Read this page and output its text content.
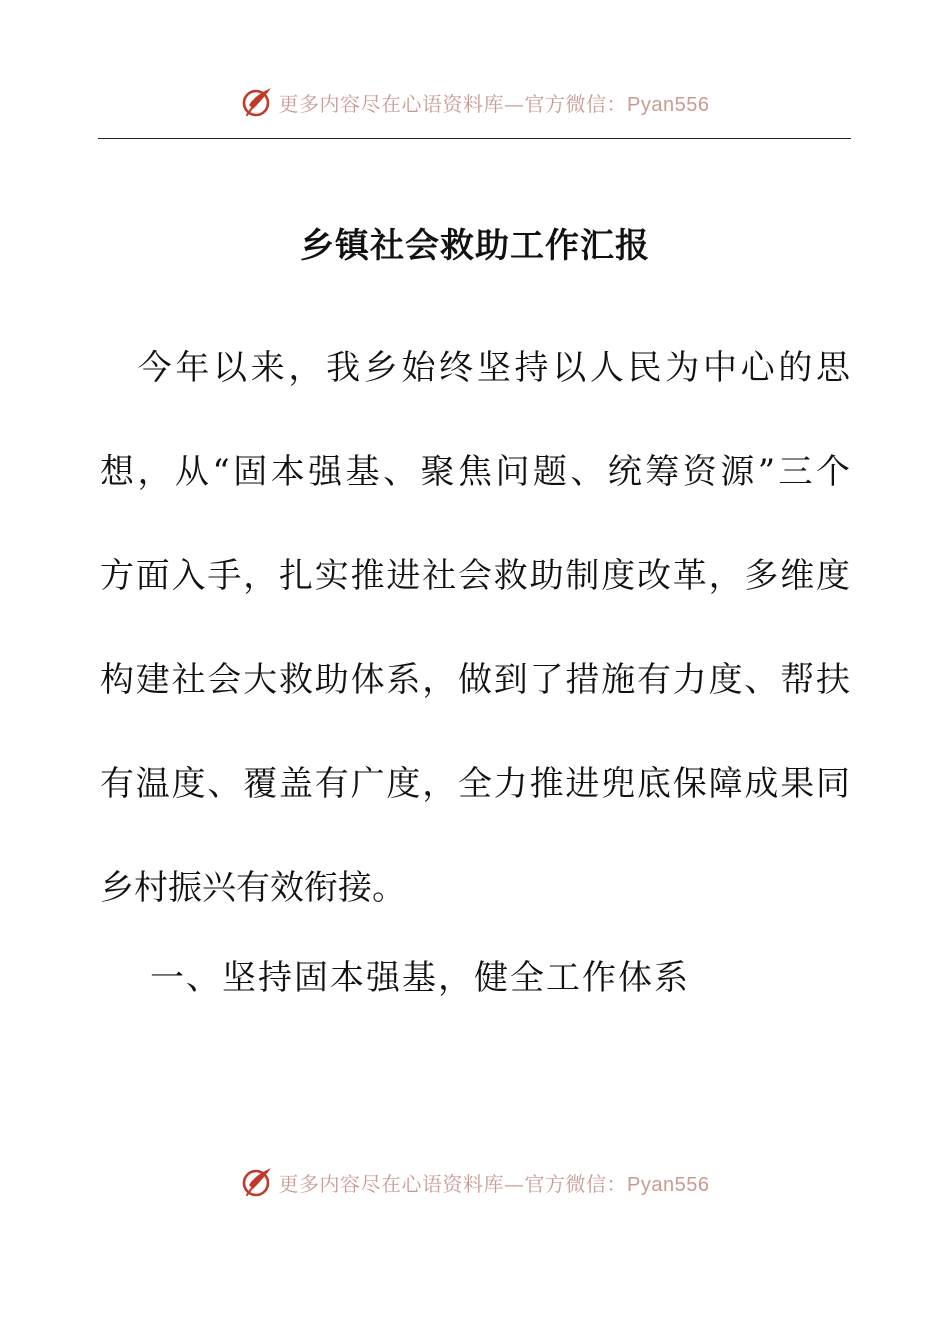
更多内容尽在心语资料库—官方微信：Pyan556
乡镇社会救助工作汇报

　今年以来，我乡始终坚持以人民为中心的思
想，从“固本强基、聚焦问题、统筹资源”三个
方面入手，扎实推进社会救助制度改革，多维度
构建社会大救助体系，做到了措施有力度、帮扶
有温度、覆盖有广度，全力推进兜底保障成果同
乡村振兴有效衔接。

一、坚持固本强基，健全工作体系

更多内容尽在心语资料库—官方微信：Pyan556
